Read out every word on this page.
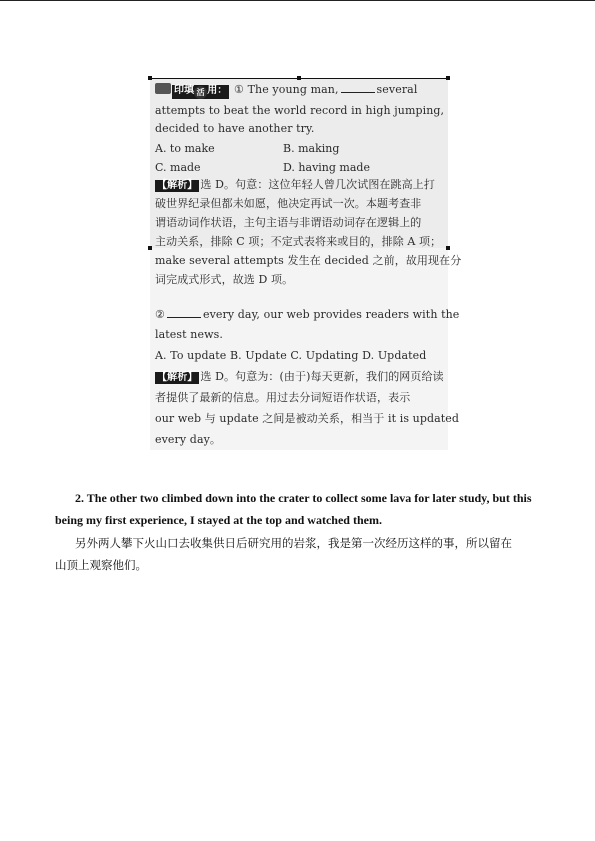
印填 活 用： ① The young man,	several
attempts to beat the world record in high jumping,
decided to have another try.
A. to make	B. making
C. made	D. having made
【解析】 选 D。句意：这位年轻人曾几次试图在跳高上打
破世界纪录但都未如愿，他决定再试一次。本题考查非
谓语动词作状语，主句主语与非谓语动词存在逻辑上的
主动关系，排除 C 项；不定式表将来或目的，排除 A 项；
make several attempts 发生在 decided 之前，故用现在分
词完成式形式，故选 D 项。
②	every day, our web provides readers with the
latest news.
A. To update B. Update C. Updating D. Updated
【解析】 选 D。句意为：(由于)每天更新，我们的网页给读
者提供了最新的信息。用过去分词短语作状语，表示
our web 与 update 之间是被动关系，相当于 it is updated
every day。
2. The other two climbed down into the crater to collect some lava for later study, but this
being my first experience, I stayed at the top and watched them.
另外两人攀下火山口去收集供日后研究用的岩浆，我是第一次经历这样的事，所以留在
山顶上观察他们。
